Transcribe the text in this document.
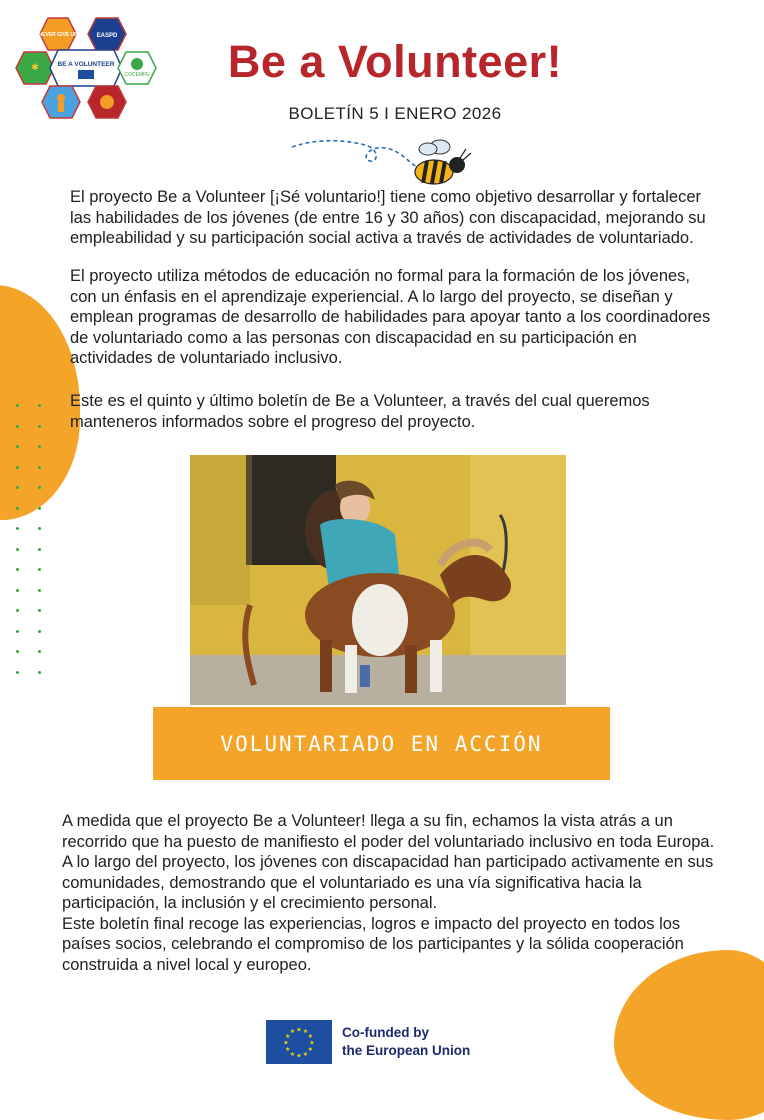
NEVER GIVE UP	EASPD
✱	BE A VOLUNTEER
COCEMFE	Be a Volunteer!
BOLETÍN 5 I ENERO 2026

El proyecto Be a Volunteer [¡Sé voluntario!] tiene como objetivo desarrollar y fortalecer las habilidades de los jóvenes (de entre 16 y 30 años) con discapacidad, mejorando su empleabilidad y su participación social activa a través de actividades de voluntariado.

El proyecto utiliza métodos de educación no formal para la formación de los jóvenes, con un énfasis en el aprendizaje experiencial. A lo largo del proyecto, se diseñan y emplean programas de desarrollo de habilidades para apoyar tanto a los coordinadores de voluntariado como a las personas con discapacidad en su participación en actividades de voluntariado inclusivo.

Este es el quinto y último boletín de Be a Volunteer, a través del cual queremos manteneros informados sobre el progreso del proyecto.

VOLUNTARIADO EN ACCIÓN

A medida que el proyecto Be a Volunteer! llega a su fin, echamos la vista atrás a un recorrido que ha puesto de manifiesto el poder del voluntariado inclusivo en toda Europa. A lo largo del proyecto, los jóvenes con discapacidad han participado activamente en sus comunidades, demostrando que el voluntariado es una vía significativa hacia la participación, la inclusión y el crecimiento personal.
Este boletín final recoge las experiencias, logros e impacto del proyecto en todos los países socios, celebrando el compromiso de los participantes y la sólida cooperación construida a nivel local y europeo.

★
★
★
★
★
★
★
★
★ ★ ★
★ Co-funded by
the European Union
